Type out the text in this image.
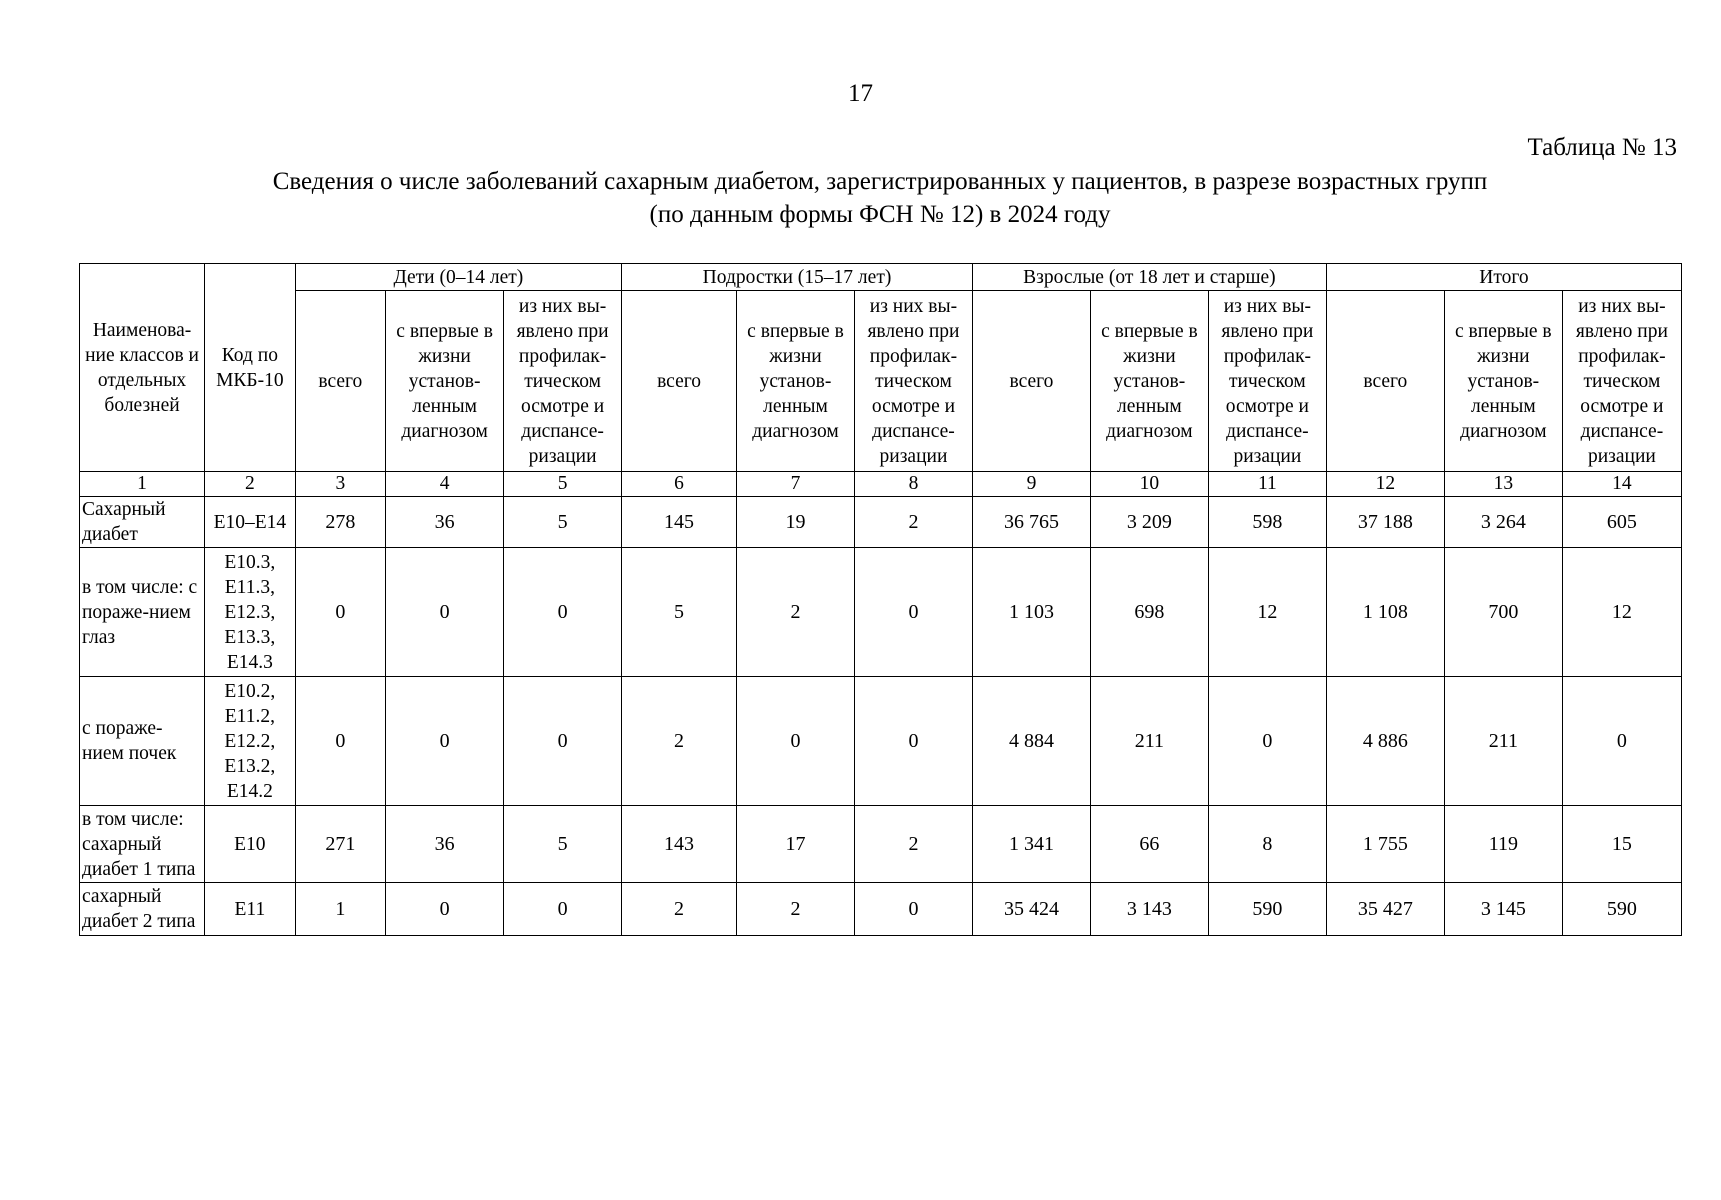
17
Таблица № 13
Сведения о числе заболеваний сахарным диабетом, зарегистрированных у пациентов, в разрезе возрастных групп
(по данным формы ФСН № 12) в 2024 году
Наименова-ние классов и отдельных болезней	Код по МКБ-10	Дети (0–14 лет)			Подростки (15–17 лет)			Взрослые (от 18 лет и старше)			Итого		
		всего	с впервые в жизни установ-ленным диагнозом	из них вы-явлено при профилак-тическом осмотре и диспансе-ризации	всего	с впервые в жизни установ-ленным диагнозом	из них вы-явлено при профилак-тическом осмотре и диспансе-ризации	всего	с впервые в жизни установ-ленным диагнозом	из них вы-явлено при профилак-тическом осмотре и диспансе-ризации	всего	с впервые в жизни установ-ленным диагнозом	из них вы-явлено при профилак-тическом осмотре и диспансе-ризации
1	2	3	4	5	6	7	8	9	10	11	12	13	14
Сахарный диабет	E10–E14	278	36	5	145	19	2	36 765	3 209	598	37 188	3 264	605
в том числе: с пораже-нием глаз	E10.3, E11.3, E12.3, E13.3, E14.3	0	0	0	5	2	0	1 103	698	12	1 108	700	12
с пораже-нием почек	E10.2, E11.2, E12.2, E13.2, E14.2	0	0	0	2	0	0	4 884	211	0	4 886	211	0
в том числе: сахарный диабет 1 типа	E10	271	36	5	143	17	2	1 341	66	8	1 755	119	15
сахарный диабет 2 типа	E11	1	0	0	2	2	0	35 424	3 143	590	35 427	3 145	590
